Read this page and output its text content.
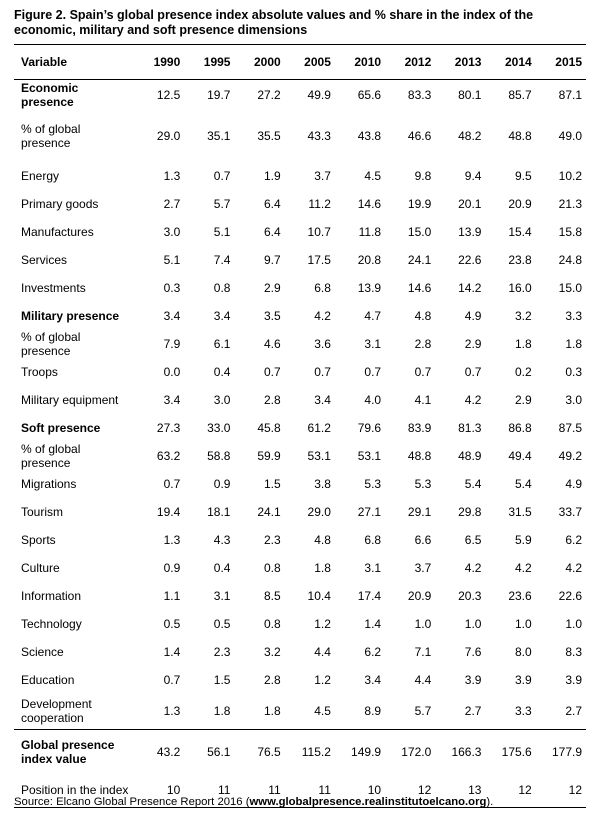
Figure 2. Spain’s global presence index absolute values and % share in the index of the economic, military and soft presence dimensions
Variable	1990	1995	2000	2005	2010	2012	2013	2014	2015
Economic presence	12.5	19.7	27.2	49.9	65.6	83.3	80.1	85.7	87.1
% of global presence	29.0	35.1	35.5	43.3	43.8	46.6	48.2	48.8	49.0
Energy	1.3	0.7	1.9	3.7	4.5	9.8	9.4	9.5	10.2
Primary goods	2.7	5.7	6.4	11.2	14.6	19.9	20.1	20.9	21.3
Manufactures	3.0	5.1	6.4	10.7	11.8	15.0	13.9	15.4	15.8
Services	5.1	7.4	9.7	17.5	20.8	24.1	22.6	23.8	24.8
Investments	0.3	0.8	2.9	6.8	13.9	14.6	14.2	16.0	15.0
Military presence	3.4	3.4	3.5	4.2	4.7	4.8	4.9	3.2	3.3
% of global presence	7.9	6.1	4.6	3.6	3.1	2.8	2.9	1.8	1.8
Troops	0.0	0.4	0.7	0.7	0.7	0.7	0.7	0.2	0.3
Military equipment	3.4	3.0	2.8	3.4	4.0	4.1	4.2	2.9	3.0
Soft presence	27.3	33.0	45.8	61.2	79.6	83.9	81.3	86.8	87.5
% of global presence	63.2	58.8	59.9	53.1	53.1	48.8	48.9	49.4	49.2
Migrations	0.7	0.9	1.5	3.8	5.3	5.3	5.4	5.4	4.9
Tourism	19.4	18.1	24.1	29.0	27.1	29.1	29.8	31.5	33.7
Sports	1.3	4.3	2.3	4.8	6.8	6.6	6.5	5.9	6.2
Culture	0.9	0.4	0.8	1.8	3.1	3.7	4.2	4.2	4.2
Information	1.1	3.1	8.5	10.4	17.4	20.9	20.3	23.6	22.6
Technology	0.5	0.5	0.8	1.2	1.4	1.0	1.0	1.0	1.0
Science	1.4	2.3	3.2	4.4	6.2	7.1	7.6	8.0	8.3
Education	0.7	1.5	2.8	1.2	3.4	4.4	3.9	3.9	3.9
Development cooperation	1.3	1.8	1.8	4.5	8.9	5.7	2.7	3.3	2.7
Global presence index value	43.2	56.1	76.5	115.2	149.9	172.0	166.3	175.6	177.9
Position in the index	10	11	11	11	10	12	13	12	12
Source: Elcano Global Presence Report 2016 (www.globalpresence.realinstitutoelcano.org).
